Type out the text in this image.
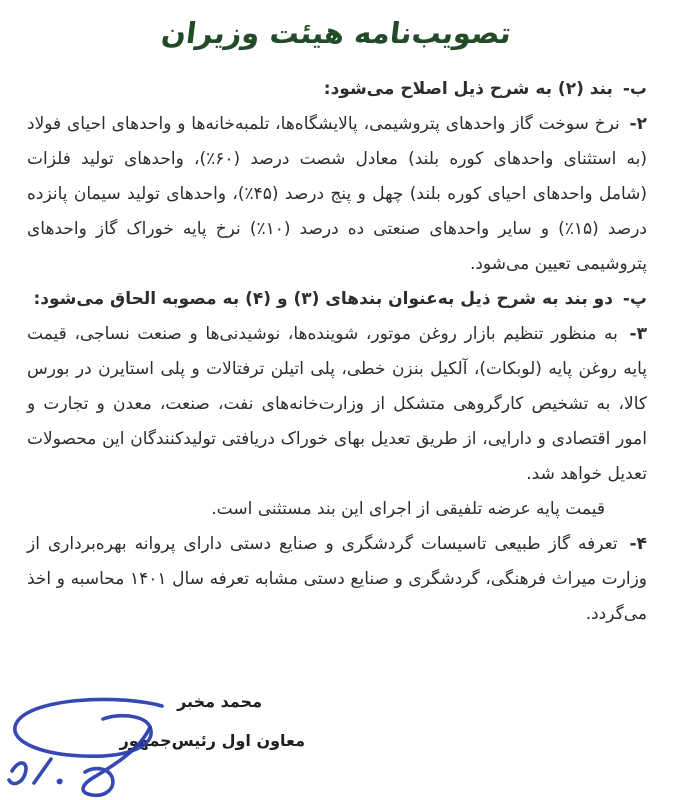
تصویب‌نامه هیئت وزیران

ب- بند (۲) به شرح ذیل اصلاح می‌شود:

۲- نرخ سوخت گاز واحدهای پتروشیمی، پالایشگاه‌ها، تلمبه‌خانه‌ها و واحدهای احیای فولاد (به استثنای واحدهای کوره بلند) معادل شصت درصد (۶۰٪)، واحدهای تولید فلزات (شامل واحدهای احیای کوره بلند) چهل و پنج درصد (۴۵٪)، واحدهای تولید سیمان پانزده درصد (۱۵٪) و سایر واحدهای صنعتی ده درصد (۱۰٪) نرخ پایه خوراک گاز واحدهای پتروشیمی تعیین می‌شود.

پ- دو بند به شرح ذیل به‌عنوان بندهای (۳) و (۴) به مصوبه الحاق می‌شود:

۳- به منظور تنظیم بازار روغن موتور، شوینده‌ها، نوشیدنی‌ها و صنعت نساجی، قیمت پایه روغن پایه (لوبکات)، آلکیل بنزن خطی، پلی اتیلن ترفتالات و پلی استایرن در بورس کالا، به تشخیص کارگروهی متشکل از وزارت‌خانه‌های نفت، صنعت، معدن و تجارت و امور اقتصادی و دارایی، از طریق تعدیل بهای خوراک دریافتی تولیدکنندگان این محصولات تعدیل خواهد شد.

قیمت پایه عرضه تلفیقی از اجرای این بند مستثنی است.

۴- تعرفه گاز طبیعی تاسیسات گردشگری و صنایع دستی دارای پروانه بهره‌برداری از وزارت میراث فرهنگی، گردشگری و صنایع دستی مشابه تعرفه سال ۱۴۰۱ محاسبه و اخذ می‌گردد.

محمد مخبر
معاون اول رئیس‌جمهور
